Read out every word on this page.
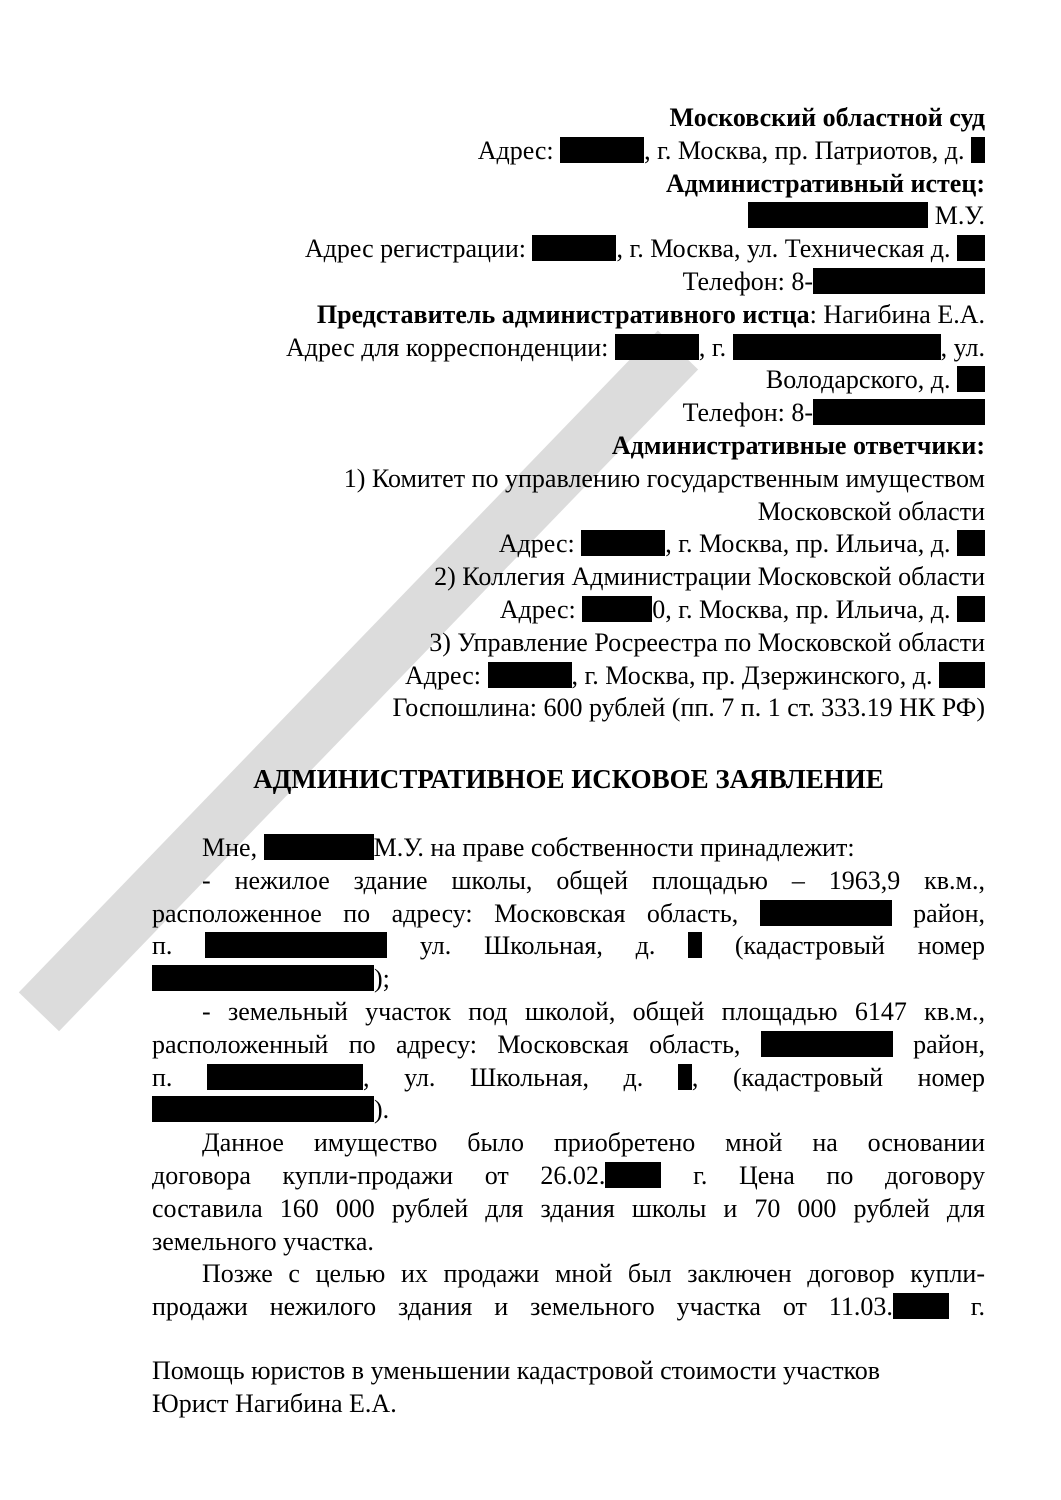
Московский областной суд
Адрес:	, г. Москва, пр. Патриотов, д.
Административный истец:
М.У.
Адрес регистрации:	, г. Москва, ул. Техническая д.
Телефон: 8-
Представитель административного истца: Нагибина Е.А.
Адрес для корреспонденции:	, г.	, ул.
Володарского, д.
Телефон: 8-
Административные ответчики:
1) Комитет по управлению государственным имуществом
Московской области
Адрес:	, г. Москва, пр. Ильича, д.
2) Коллегия Администрации Московской области
Адрес:	0, г. Москва, пр. Ильича, д.
3) Управление Росреестра по Московской области
Адрес:	, г. Москва, пр. Дзержинского, д.
Госпошлина: 600 рублей (пп. 7 п. 1 ст. 333.19 НК РФ)
АДМИНИСТРАТИВНОЕ ИСКОВОЕ ЗАЯВЛЕНИЕ
Мне,	М.У. на праве собственности принадлежит:
- нежилое здание школы, общей площадью – 1963,9 кв.м.,
расположенное по адресу: Московская область,	район,
п.	ул. Школьная, д.	(кадастровый номер
);
- земельный участок под школой, общей площадью 6147 кв.м.,
расположенный по адресу: Московская область,	район,
п.	, ул. Школьная, д. , (кадастровый номер
).
Данное имущество было приобретено мной на основании
договора купли-продажи от 26.02.	г. Цена по договору
составила 160 000 рублей для здания школы и 70 000 рублей для
земельного участка.
Позже с целью их продажи мной был заключен договор купли-
продажи нежилого здания и земельного участка от 11.03.	г.
Помощь юристов в уменьшении кадастровой стоимости участков
Юрист Нагибина Е.А.
